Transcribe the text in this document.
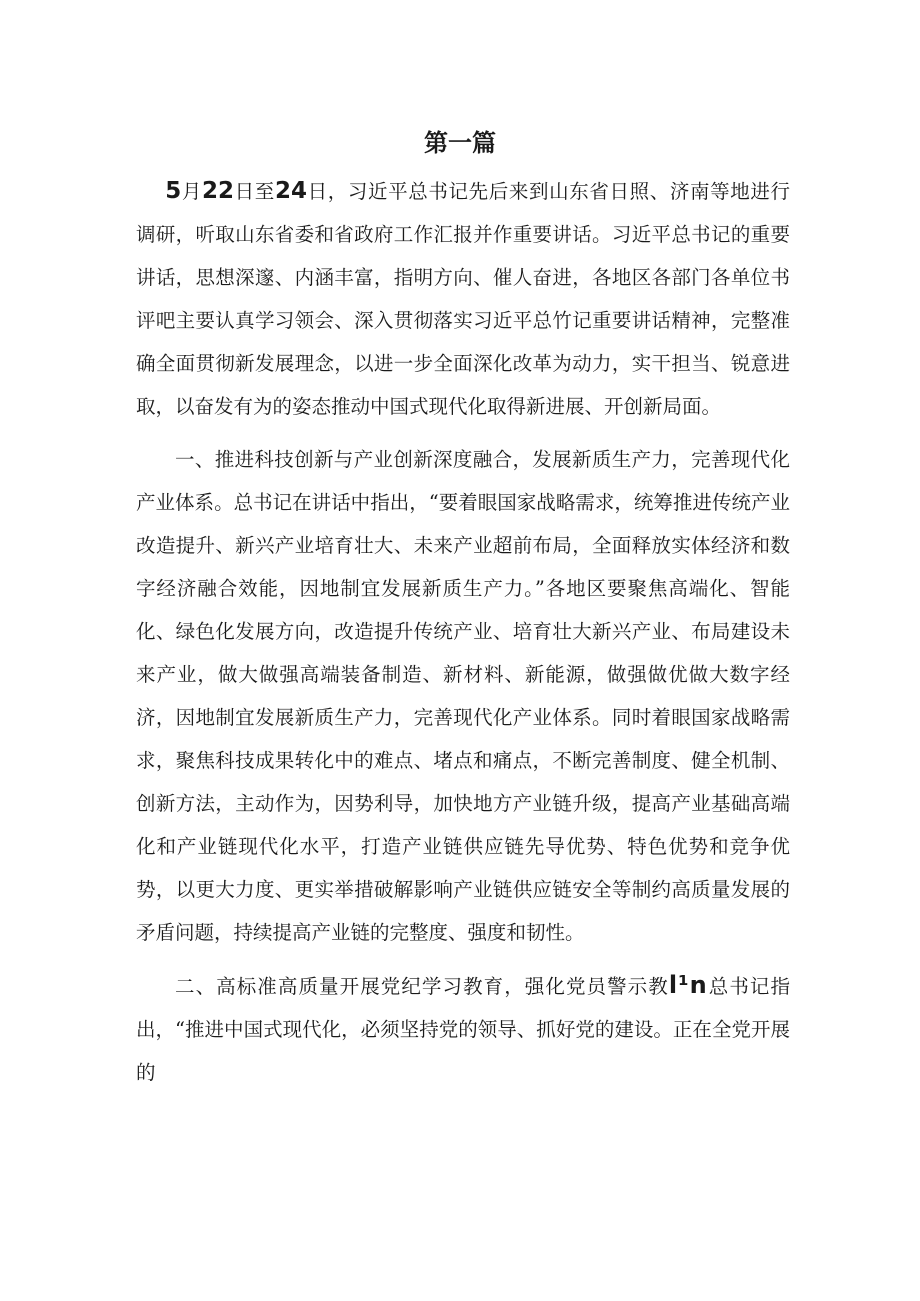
第一篇

5月22日至24日，习近平总书记先后来到山东省日照、济南等地进行调研，听取山东省委和省政府工作汇报并作重要讲话。习近平总书记的重要讲话，思想深邃、内涵丰富，指明方向、催人奋进，各地区各部门各单位书评吧主要认真学习领会、深入贯彻落实习近平总竹记重要讲话精神，完整准确全面贯彻新发展理念，以进一步全面深化改革为动力，实干担当、锐意进取，以奋发有为的姿态推动中国式现代化取得新进展、开创新局面。

一、推进科技创新与产业创新深度融合，发展新质生产力，完善现代化产业体系。总书记在讲话中指出，“要着眼国家战略需求，统筹推进传统产业改造提升、新兴产业培育壮大、未来产业超前布局，全面释放实体经济和数字经济融合效能，因地制宜发展新质生产力。”各地区要聚焦高端化、智能化、绿色化发展方向，改造提升传统产业、培育壮大新兴产业、布局建设未来产业，做大做强高端装备制造、新材料、新能源，做强做优做大数字经济，因地制宜发展新质生产力，完善现代化产业体系。同时着眼国家战略需求，聚焦科技成果转化中的难点、堵点和痛点，不断完善制度、健全机制、创新方法，主动作为，因势利导，加快地方产业链升级，提高产业基础高端化和产业链现代化水平，打造产业链供应链先导优势、特色优势和竞争优势，以更大力度、更实举措破解影响产业链供应链安全等制约高质量发展的矛盾问题，持续提高产业链的完整度、强度和韧性。

二、高标准高质量开展党纪学习教育，强化党员警示教l¹n总书记指出，“推进中国式现代化，必须坚持党的领导、抓好党的建设。正在全党开展的
